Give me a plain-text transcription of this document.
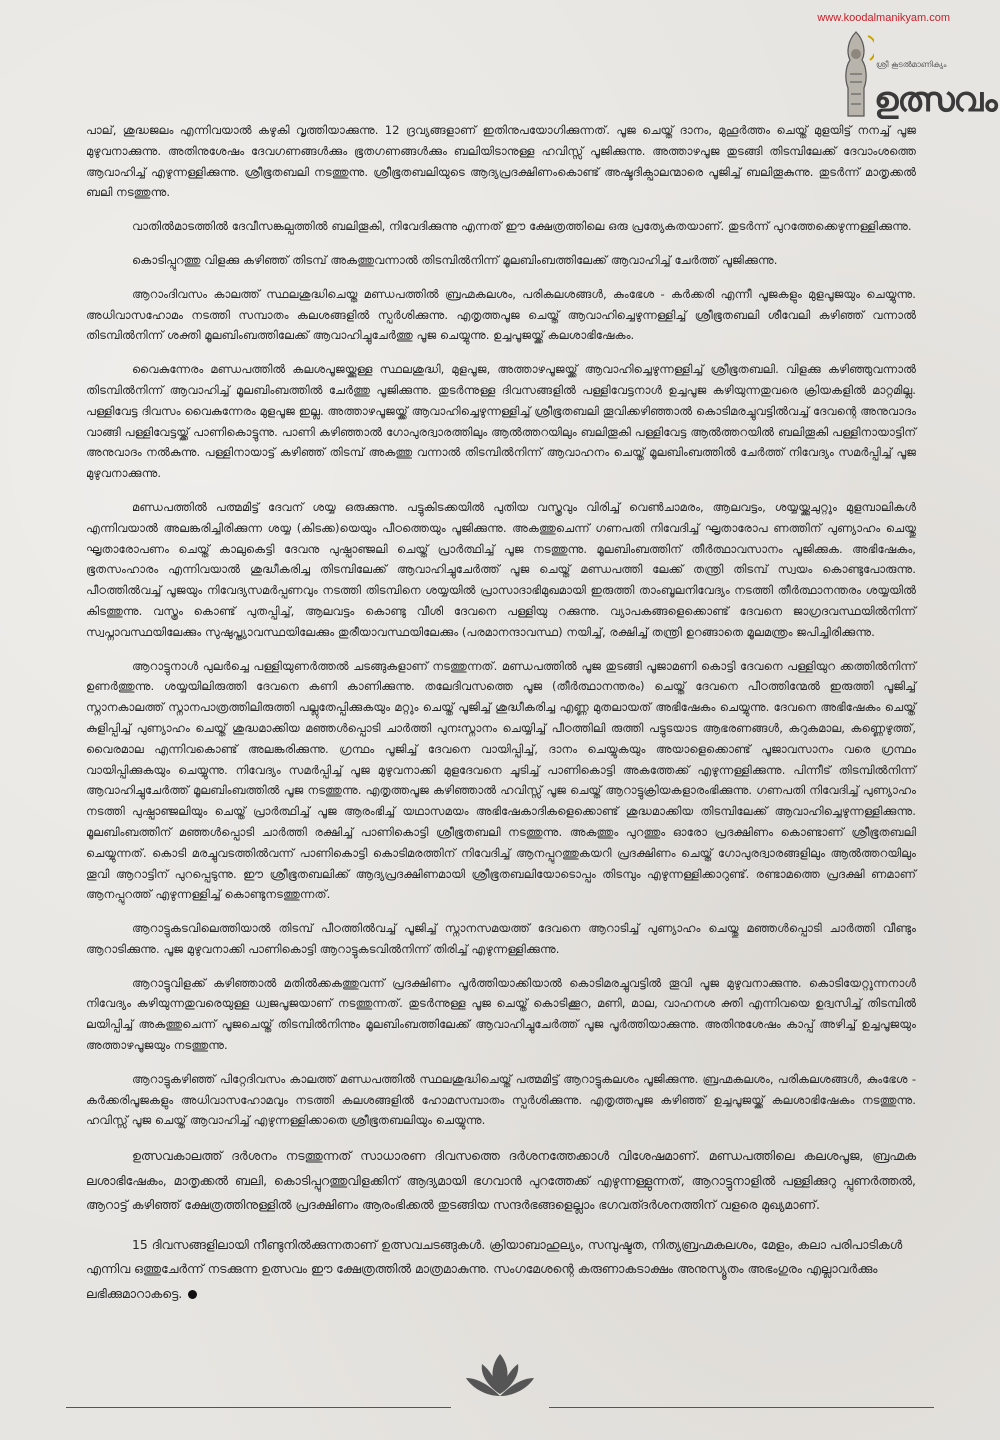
www.koodalmanikyam.com
ശ്രീ കൂടൽമാണിക്യം
ഉത്സവം

പാല്, ശുദ്ധജലം എന്നിവയാൽ കഴുകി വൃത്തിയാക്കുന്നു. 12 ദ്രവ്യങ്ങളാണ് ഇതിനുപയോഗിക്കുന്നത്. പൂജ ചെയ്ത് ദാനം, മുഹൂർത്തം ചെയ്ത് മുളയിട്ട് നനച്ച് പൂജ മുഴുവനാക്കുന്നു. അതിനുശേഷം ദേവഗണങ്ങൾക്കും ഭൂതഗണങ്ങൾക്കും ബലിയിടാനുള്ള ഹവിസ്സ് പൂജിക്കുന്നു. അത്താഴപൂജ തുടങ്ങി തിടമ്പിലേക്ക് ദേവാംശത്തെ ആവാഹിച്ച് എഴുന്നള്ളിക്കുന്നു. ശ്രീഭൂതബലി നടത്തുന്നു. ശ്രീഭൂതബലിയുടെ ആദ്യപ്രദക്ഷിണംകൊണ്ട് അഷ്ടദിക്പാലന്മാരെ പൂജിച്ച് ബലിതൂകുന്നു. തുടർന്ന് മാതൃക്കൽ ബലി നടത്തുന്നു.

വാതിൽമാടത്തിൽ ദേവീസങ്കല്പത്തിൽ ബലിതൂകി, നിവേദിക്കുന്നു എന്നത് ഈ ക്ഷേത്രത്തിലെ ഒരു പ്രത്യേകതയാണ്. തുടർന്ന് പുറത്തേക്കെഴുന്നള്ളിക്കുന്നു.

കൊടിപ്പുറത്തു വിളക്കു കഴിഞ്ഞ് തിടമ്പ് അകത്തുവന്നാൽ തിടമ്പിൽനിന്ന് മൂലബിംബത്തിലേക്ക് ആവാഹിച്ച് ചേർത്ത് പൂജിക്കുന്നു.

ആറാംദിവസം കാലത്ത് സ്ഥലശുദ്ധിചെയ്ത മണ്ഡപത്തിൽ ബ്രഹ്മകലശം, പരികലശങ്ങൾ, കുംഭേശ - കർക്കരി എന്നീ പൂജകളും മുളപൂജയും ചെയ്യുന്നു. അധിവാസഹോമം നടത്തി സമ്പാതം കലശങ്ങളിൽ സ്പർശിക്കുന്നു. എതൃത്തപൂജ ചെയ്ത് ആവാഹിച്ചെഴുന്നള്ളിച്ച് ശ്രീഭൂതബലി ശീവേലി കഴിഞ്ഞ് വന്നാൽ തിടമ്പിൽനിന്ന് ശക്തി മൂലബിംബത്തിലേക്ക് ആവാഹിച്ചുചേർത്തു പൂജ ചെയ്യുന്നു. ഉച്ചപൂജയ്ക്ക് കലശാഭിഷേകം.

വൈകുന്നേരം മണ്ഡപത്തിൽ കലശപൂജയ്ക്കുള്ള സ്ഥലശുദ്ധി, മുളപൂജ, അത്താഴപൂജയ്ക്ക് ആവാഹിച്ചെഴുന്നള്ളിച്ച് ശ്രീഭൂതബലി. വിളക്കു കഴിഞ്ഞുവന്നാൽ തിടമ്പിൽനിന്ന് ആവാഹിച്ച് മൂലബിംബത്തിൽ ചേർത്തു പൂജിക്കുന്നു. തുടർന്നുള്ള ദിവസങ്ങളിൽ പള്ളിവേട്ടനാൾ ഉച്ചപൂജ കഴിയുന്നതുവരെ ക്രിയകളിൽ മാറ്റമില്ല. പള്ളിവേട്ട ദിവസം വൈകുന്നേരം മുളപൂജ ഇല്ല. അത്താഴപൂജയ്ക്ക് ആവാഹിച്ചെഴുന്നള്ളിച്ച് ശ്രീഭൂതബലി തൂവിക്കഴിഞ്ഞാൽ കൊടിമരച്ചുവട്ടിൽവച്ച് ദേവന്റെ അനുവാദം വാങ്ങി പള്ളിവേട്ടയ്ക്ക് പാണികൊട്ടുന്നു. പാണി കഴിഞ്ഞാൽ ഗോപുരദ്വാരത്തിലും ആൽത്തറയിലും ബലിതൂകി പള്ളിവേട്ട ആൽത്തറയിൽ ബലിതൂകി പള്ളിനായാട്ടിന് അനുവാദം നൽകുന്നു. പള്ളിനായാട്ട് കഴിഞ്ഞ് തിടമ്പ് അകത്തു വന്നാൽ തിടമ്പിൽനിന്ന് ആവാഹനം ചെയ്ത് മൂലബിംബത്തിൽ ചേർത്ത് നിവേദ്യം സമർപ്പിച്ച് പൂജ മുഴുവനാക്കുന്നു.

മണ്ഡപത്തിൽ പത്മമിട്ട് ദേവന് ശയ്യ ഒരുക്കുന്നു. പട്ടുകിടക്കയിൽ പുതിയ വസ്ത്രവും വിരിച്ച് വെൺചാമരം, ആലവട്ടം, ശയ്യയ്ക്കുചുറ്റും മുളമ്പാലികൾ എന്നിവയാൽ അലങ്കരിച്ചിരിക്കുന്ന ശയ്യ (കിടക്ക)യെയും പീഠത്തെയും പൂജിക്കുന്നു. അകത്തുചെന്ന് ഗണപതി നിവേദിച്ച് ഘൃതാരോപ ണത്തിന് പുണ്യാഹം ചെയ്തു ഘൃതാരോപണം ചെയ്ത് കാലുകെട്ടി ദേവനു പുഷ്പാഞ്ജലി ചെയ്ത് പ്രാർത്ഥിച്ച് പൂജ നടത്തുന്നു. മൂലബിംബത്തിന് തീർത്ഥാവസാനം പൂജിക്കുക. അഭിഷേകം, ഭൂതസംഹാരം എന്നിവയാൽ ശുദ്ധീകരിച്ച തിടമ്പിലേക്ക് ആവാഹിച്ചുചേർത്ത് പൂജ ചെയ്ത് മണ്ഡപത്തി ലേക്ക് തന്ത്രി തിടമ്പ് സ്വയം കൊണ്ടുപോരുന്നു. പീഠത്തിൽവച്ച് പൂജയും നിവേദ്യസമർപ്പണവും നടത്തി തിടമ്പിനെ ശയ്യയിൽ പ്രാസാദാഭിമുഖമായി ഇരുത്തി താംബൂലനിവേദ്യം നടത്തി തീർത്ഥാനന്തരം ശയ്യയിൽ കിടത്തുന്നു. വസ്ത്രം കൊണ്ട് പുതപ്പിച്ച്, ആലവട്ടം കൊണ്ടു വീശി ദേവനെ പള്ളിയു റക്കുന്നു. വ്യാപകങ്ങളെക്കൊണ്ട് ദേവനെ ജാഗ്രദവസ്ഥയിൽനിന്ന് സ്വപ്നാവസ്ഥയിലേക്കും സുഷുപ്ത്യാവസ്ഥയിലേക്കും തുരീയാവസ്ഥയിലേക്കും (പരമാനന്ദാവസ്ഥ) നയിച്ച്, രക്ഷിച്ച് തന്ത്രി ഉറങ്ങാതെ മൂലമന്ത്രം ജപിച്ചിരിക്കുന്നു.

ആറാട്ടുനാൾ പുലർച്ചെ പള്ളിയുണർത്തൽ ചടങ്ങുകളാണ് നടത്തുന്നത്. മണ്ഡപത്തിൽ പൂജ തുടങ്ങി പൂജാമണി കൊട്ടി ദേവനെ പള്ളിയുറ ക്കത്തിൽനിന്ന് ഉണർത്തുന്നു. ശയ്യയിലിരുത്തി ദേവനെ കണി കാണിക്കുന്നു. തലേദിവസത്തെ പൂജ (തീർത്ഥാനന്തരം) ചെയ്ത് ദേവനെ പീഠത്തിന്മേൽ ഇരുത്തി പൂജിച്ച് സ്നാനകാലത്ത് സ്നാനപാത്രത്തിലിരുത്തി പല്ലുതേപ്പിക്കുകയും മറ്റും ചെയ്ത് പൂജിച്ച് ശുദ്ധീകരിച്ച എണ്ണ മുതലായത് അഭിഷേകം ചെയ്യുന്നു. ദേവനെ അഭിഷേകം ചെയ്ത് കുളിപ്പിച്ച് പുണ്യാഹം ചെയ്ത് ശുദ്ധമാക്കിയ മഞ്ഞൾപ്പൊടി ചാർത്തി പുനഃസ്നാനം ചെയ്യിച്ച് പീഠത്തിലി രുത്തി പട്ടുടയാട ആഭരണങ്ങൾ, കറുകമാല, കണ്ണെഴുത്ത്, വൈരമാല എന്നിവകൊണ്ട് അലങ്കരിക്കുന്നു. ഗ്രന്ഥം പൂജിച്ച് ദേവനെ വായിപ്പിച്ച്, ദാനം ചെയ്യുകയും അയാളെക്കൊണ്ട് പൂജാവസാനം വരെ ഗ്രന്ഥം വായിപ്പിക്കുകയും ചെയ്യുന്നു. നിവേദ്യം സമർപ്പിച്ച് പൂജ മുഴുവനാക്കി മുളദേവനെ ചൂടിച്ച് പാണികൊട്ടി അകത്തേക്ക് എഴുന്നള്ളിക്കുന്നു. പിന്നീട് തിടമ്പിൽനിന്ന് ആവാഹിച്ചുചേർത്ത് മൂലബിംബത്തിൽ പൂജ നടത്തുന്നു. എതൃത്തപൂജ കഴിഞ്ഞാൽ ഹവിസ്സ് പൂജ ചെയ്ത് ആറാട്ടുക്രിയകളാരംഭിക്കുന്നു. ഗണപതി നിവേദിച്ച് പുണ്യാഹം നടത്തി പുഷ്പാഞ്ജലിയും ചെയ്ത് പ്രാർത്ഥിച്ച് പൂജ ആരംഭിച്ച് യഥാസമയം അഭിഷേകാദികളെക്കൊണ്ട് ശുദ്ധമാക്കിയ തിടമ്പിലേക്ക് ആവാഹിച്ചെഴുന്നള്ളിക്കുന്നു. മൂലബിംബത്തിന് മഞ്ഞൾപ്പൊടി ചാർത്തി രക്ഷിച്ച് പാണികൊട്ടി ശ്രീഭൂതബലി നടത്തുന്നു. അകത്തും പുറത്തും ഓരോ പ്രദക്ഷിണം കൊണ്ടാണ് ശ്രീഭൂതബലി ചെയ്യുന്നത്. കൊടി മരച്ചുവടത്തിൽവന്ന് പാണികൊട്ടി കൊടിമരത്തിന് നിവേദിച്ച് ആനപ്പുറത്തുകയറി പ്രദക്ഷിണം ചെയ്ത് ഗോപുരദ്വാരങ്ങളിലും ആൽത്തറയിലും തൂവി ആറാട്ടിന് പുറപ്പെടുന്നു. ഈ ശ്രീഭൂതബലിക്ക് ആദ്യപ്രദക്ഷിണമായി ശ്രീഭൂതബലിയോടൊപ്പം തിടമ്പും എഴുന്നള്ളിക്കാറുണ്ട്. രണ്ടാമത്തെ പ്രദക്ഷി ണമാണ് ആനപ്പുറത്ത് എഴുന്നള്ളിച്ച് കൊണ്ടുനടത്തുന്നത്.

ആറാട്ടുകടവിലെത്തിയാൽ തിടമ്പ് പീഠത്തിൽവച്ച് പൂജിച്ച് സ്നാനസമയത്ത് ദേവനെ ആറാടിച്ച് പുണ്യാഹം ചെയ്തു മഞ്ഞൾപ്പൊടി ചാർത്തി വീണ്ടും ആറാടിക്കുന്നു. പൂജ മുഴുവനാക്കി പാണികൊട്ടി ആറാട്ടുകടവിൽനിന്ന് തിരിച്ച് എഴുന്നള്ളിക്കുന്നു.

ആറാട്ടുവിളക്ക് കഴിഞ്ഞാൽ മതിൽക്കകത്തുവന്ന് പ്രദക്ഷിണം പൂർത്തിയാക്കിയാൽ കൊടിമരച്ചുവട്ടിൽ തൂവി പൂജ മുഴുവനാക്കുന്നു. കൊടിയേറ്റുന്നനാൾ നിവേദ്യം കഴിയുന്നതുവരെയുള്ള ധ്വജപൂജയാണ് നടത്തുന്നത്. തുടർന്നുള്ള പൂജ ചെയ്ത് കൊടിക്കൂറ, മണി, മാല, വാഹനശ ക്തി എന്നിവയെ ഉദ്വസിച്ച് തിടമ്പിൽ ലയിപ്പിച്ച് അകത്തുചെന്ന് പൂജചെയ്ത് തിടമ്പിൽനിന്നും മൂലബിംബത്തിലേക്ക് ആവാഹിച്ചുചേർത്ത് പൂജ പൂർത്തിയാക്കുന്നു. അതിനുശേഷം കാപ്പ് അഴിച്ച് ഉച്ചപൂജയും അത്താഴപൂജയും നടത്തുന്നു.

ആറാട്ടുകഴിഞ്ഞ് പിറ്റേദിവസം കാലത്ത് മണ്ഡപത്തിൽ സ്ഥലശുദ്ധിചെയ്ത് പത്മമിട്ട് ആറാട്ടുകലശം പൂജിക്കുന്നു. ബ്രഹ്മകലശം, പരികലശങ്ങൾ, കുംഭേശ - കർക്കരിപൂജകളും അധിവാസഹോമവും നടത്തി കലശങ്ങളിൽ ഹോമസമ്പാതം സ്പർശിക്കുന്നു. എതൃത്തപൂജ കഴിഞ്ഞ് ഉച്ചപൂജയ്ക്ക് കലശാഭിഷേകം നടത്തുന്നു. ഹവിസ്സ് പൂജ ചെയ്ത് ആവാഹിച്ച് എഴുന്നള്ളിക്കാതെ ശ്രീഭൂതബലിയും ചെയ്യുന്നു.

ഉത്സവകാലത്ത് ദർശനം നടത്തുന്നത് സാധാരണ ദിവസത്തെ ദർശനത്തേക്കാൾ വിശേഷമാണ്. മണ്ഡപത്തിലെ കലശപൂജ, ബ്രഹ്മക ലശാഭിഷേകം, മാതൃക്കൽ ബലി, കൊടിപ്പുറത്തുവിളക്കിന് ആദ്യമായി ഭഗവാൻ പുറത്തേക്ക് എഴുന്നള്ളുന്നത്, ആറാട്ടുനാളിൽ പള്ളിക്കുറു പ്പുണർത്തൽ, ആറാട്ട് കഴിഞ്ഞ് ക്ഷേത്രത്തിനുള്ളിൽ പ്രദക്ഷിണം ആരംഭിക്കൽ തുടങ്ങിയ സന്ദർഭങ്ങളെല്ലാം ഭഗവത്ദർശനത്തിന് വളരെ മുഖ്യമാണ്.

15 ദിവസങ്ങളിലായി നീണ്ടുനിൽക്കുന്നതാണ് ഉത്സവചടങ്ങുകൾ. ക്രിയാബാഹുല്യം, സമ്പുഷ്ടത, നിത്യബ്രഹ്മകലശം, മേളം, കലാ പരിപാടികൾ എന്നിവ ഒത്തുചേർന്ന് നടക്കുന്ന ഉത്സവം ഈ ക്ഷേത്രത്തിൽ മാത്രമാകുന്നു. സംഗമേശന്റെ കരുണാകടാക്ഷം അനുസ്യൂതം അഭംഗുരം എല്ലാവർക്കും ലഭിക്കുമാറാകട്ടെ.
